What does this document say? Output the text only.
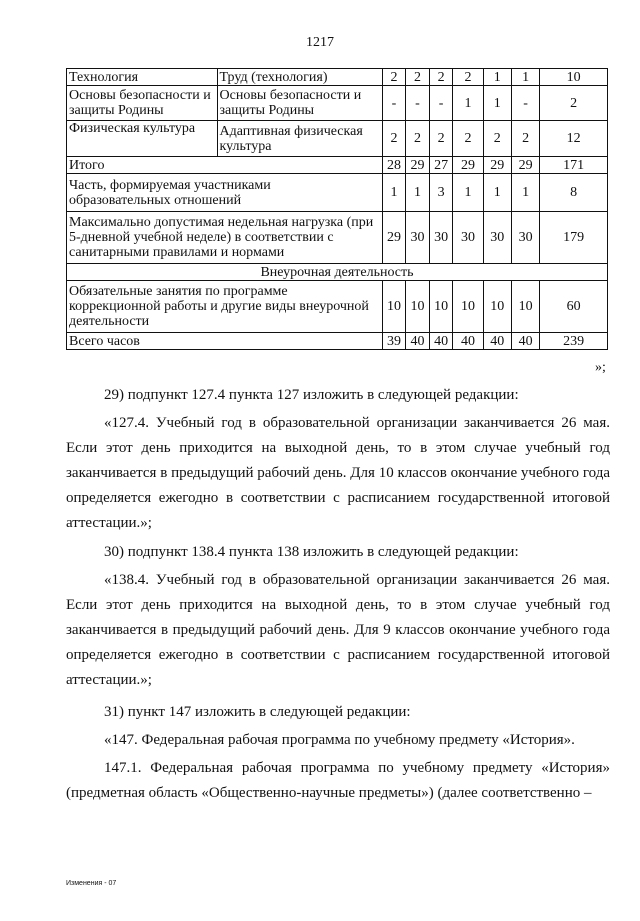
1217
Технология	Труд (технология)	2	2	2	2	1	1	10
Основы безопасности и защиты Родины	Основы безопасности и защиты Родины	-	-	-	1	1	-	2
Физическая культура	Адаптивная физическая культура	2	2	2	2	2	2	12
Итого		28	29	27	29	29	29	171

Часть, формируемая участниками образовательных отношений		1	1	3	1	1	1	8
Максимально допустимая недельная нагрузка (при 5-дневной учебной неделе) в соответствии с санитарными правилами и нормами		29	30	30	30	30	30	179
Внеурочная деятельность								
Обязательные занятия по программе коррекционной работы и другие виды внеурочной деятельности		10	10	10	10	10	10	60
Всего часов		39	40	40	40	40	40	239
»;

29) подпункт 127.4 пункта 127 изложить в следующей редакции:

«127.4. Учебный год в образовательной организации заканчивается 26 мая. Если этот день приходится на выходной день, то в этом случае учебный год заканчивается в предыдущий рабочий день. Для 10 классов окончание учебного года определяется ежегодно в соответствии с расписанием государственной итоговой аттестации.»;

30) подпункт 138.4 пункта 138 изложить в следующей редакции:

«138.4. Учебный год в образовательной организации заканчивается 26 мая. Если этот день приходится на выходной день, то в этом случае учебный год заканчивается в предыдущий рабочий день. Для 9 классов окончание учебного года определяется ежегодно в соответствии с расписанием государственной итоговой аттестации.»;

31) пункт 147 изложить в следующей редакции:

«147. Федеральная рабочая программа по учебному предмету «История».

147.1. Федеральная рабочая программа по учебному предмету «История» (предметная область «Общественно-научные предметы») (далее соответственно –

Изменения - 07
